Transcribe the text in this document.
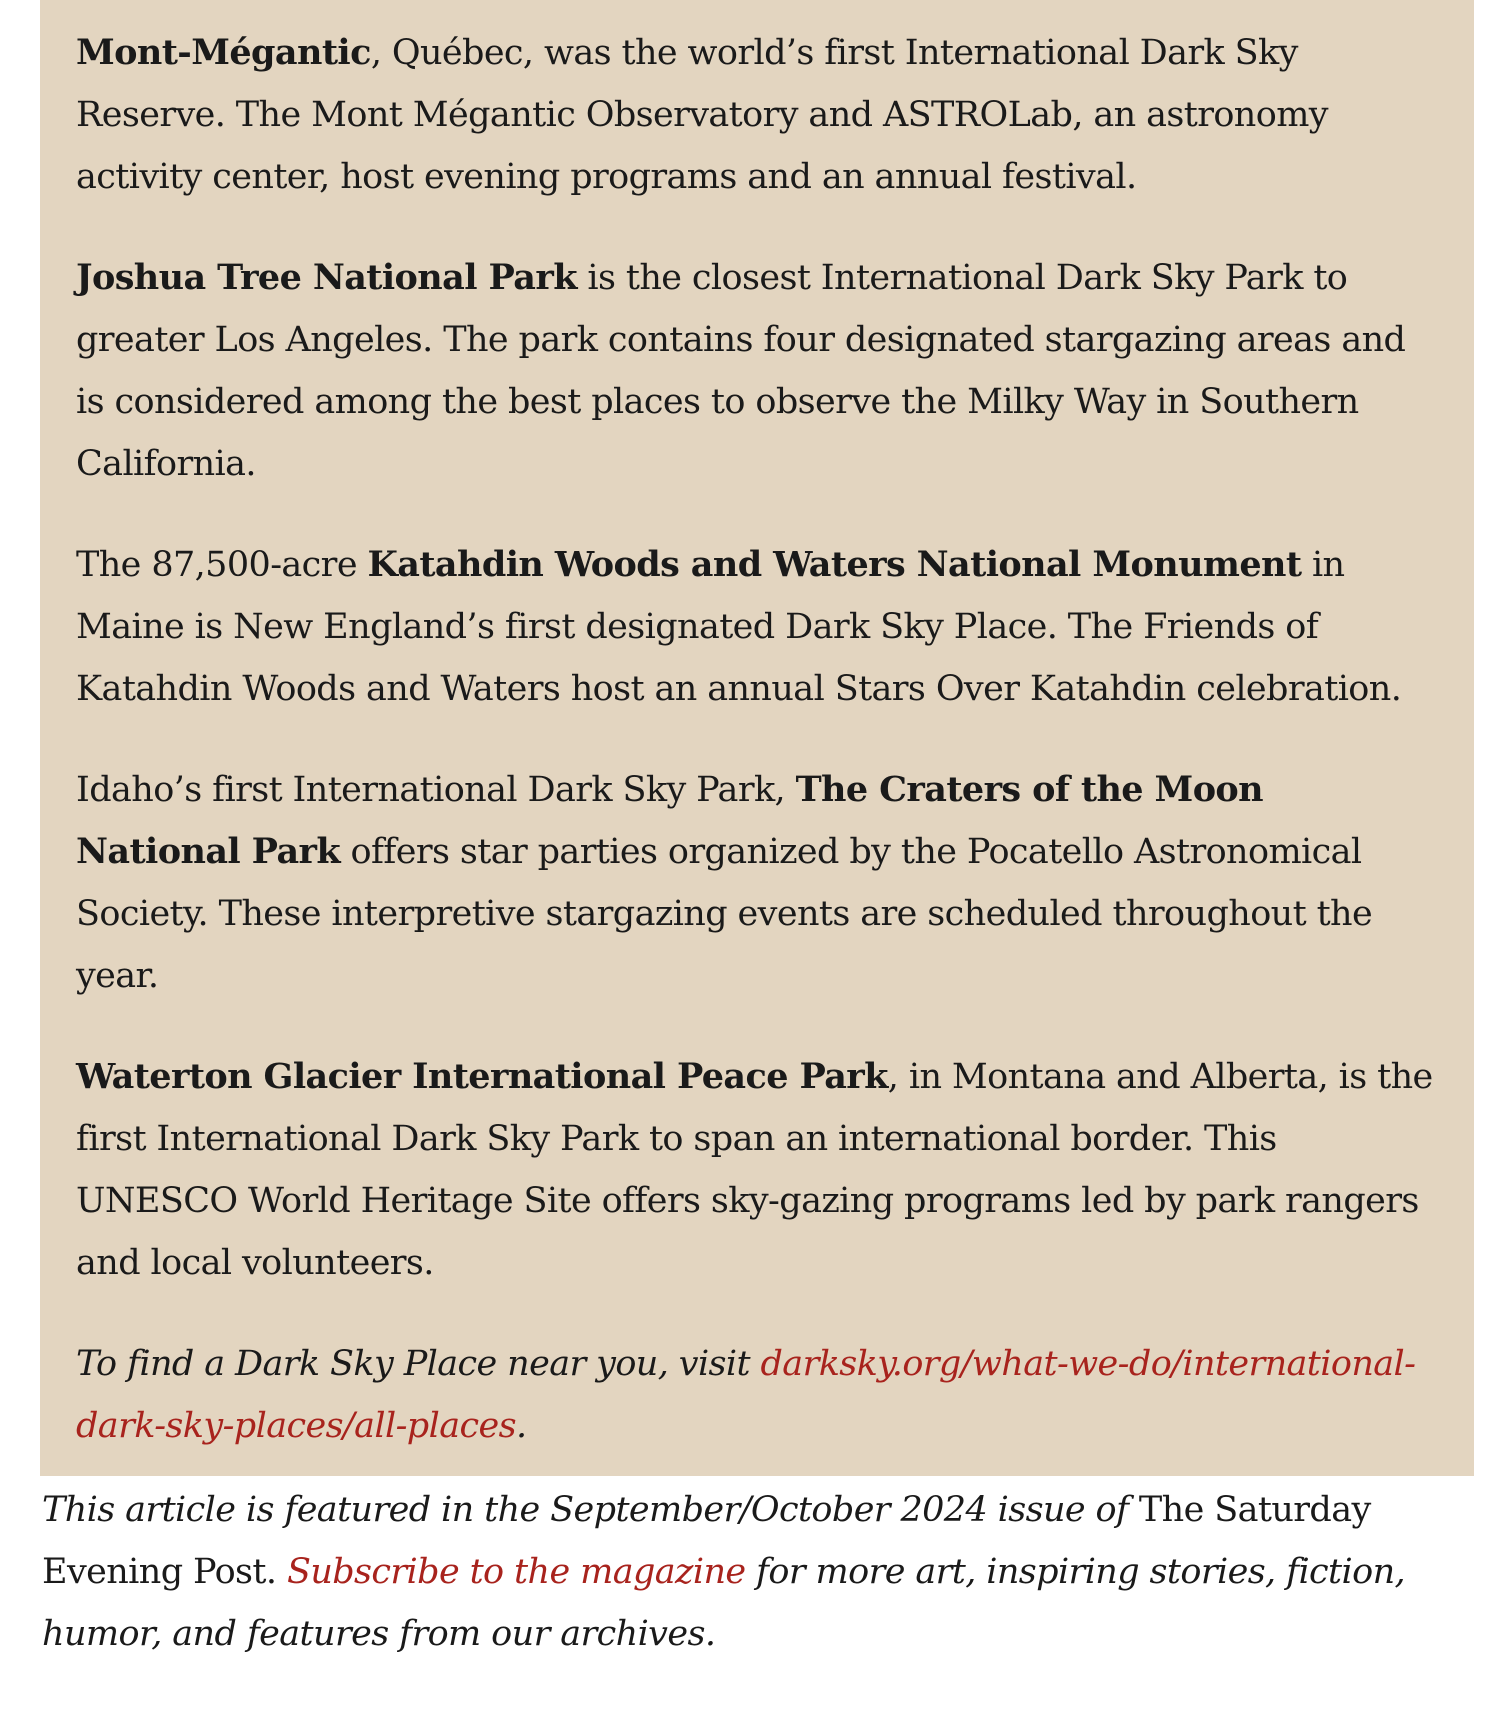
Mont-Mégantic, Québec, was the world’s first International Dark Sky Reserve. The Mont Mégantic Observatory and ASTROLab, an astronomy activity center, host evening programs and an annual festival.

Joshua Tree National Park is the closest International Dark Sky Park to greater Los Angeles. The park contains four designated stargazing areas and is considered among the best places to observe the Milky Way in Southern California.

The 87,500-acre Katahdin Woods and Waters National Monument in Maine is New England’s first designated Dark Sky Place. The Friends of Katahdin Woods and Waters host an annual Stars Over Katahdin celebration.

Idaho’s first International Dark Sky Park, The Craters of the Moon National Park offers star parties organized by the Pocatello Astronomical Society. These interpretive stargazing events are scheduled throughout the year.

Waterton Glacier International Peace Park, in Montana and Alberta, is the first International Dark Sky Park to span an international border. This UNESCO World Heritage Site offers sky-gazing programs led by park rangers and local volunteers.

To find a Dark Sky Place near you, visit darksky.org/what-we-do/international-dark-sky-places/all-places.

This article is featured in the September/October 2024 issue of The Saturday Evening Post. Subscribe to the magazine for more art, inspiring stories, fiction, humor, and features from our archives.
